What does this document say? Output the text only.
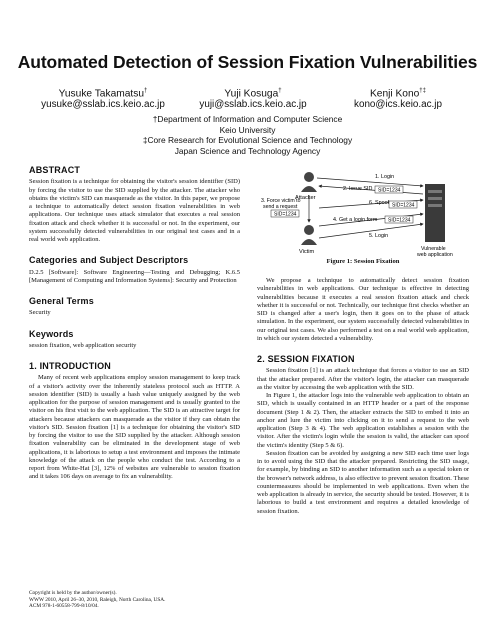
Automated Detection of Session Fixation Vulnerabilities
Yusuke Takamatsu†
yusuke@sslab.ics.keio.ac.jp
Yuji Kosuga†
yuji@sslab.ics.keio.ac.jp
Kenji Kono†‡
kono@ics.keio.ac.jp
†Department of Information and Computer Science
Keio University
‡Core Research for Evolutional Science and Technology
Japan Science and Technology Agency
ABSTRACT

Session fixation is a technique for obtaining the visitor's session identifier (SID) by forcing the visitor to use the SID supplied by the attacker. The attacker who obtains the victim's SID can masquerade as the visitor. In this paper, we propose a technique to automatically detect session fixation vulnerabilities in web applications. Our technique uses attack simulator that executes a real session fixation attack and check whether it is successful or not. In the experiment, our system successfully detected vulnerabilities in our original test cases and in a real world web application.

Categories and Subject Descriptors

D.2.5 [Software]: Software Engineering—Testing and Debugging; K.6.5 [Management of Computing and Information Systems]: Security and Protection

General Terms

Security

Keywords

session fixation, web application security

1. INTRODUCTION

Many of recent web applications employ session management to keep track of a visitor's activity over the inherently stateless protocol such as HTTP. A session identifier (SID) is usually a hash value uniquely assigned by the web application for the purpose of session management and is usually granted to the visitor on his first visit to the web application. The SID is an attractive target for attackers because attackers can masquerade as the visitor if they can obtain the visitor's SID. Session fixation [1] is a technique for obtaining the visitor's SID by forcing the visitor to use the SID supplied by the attacker. Although session fixation vulnerability can be eliminated in the development stage of web applications, it is laborious to setup a test environment and imposes the intimate knowledge of the attack on the people who conduct the test. According to a report from White-Hat [3], 12% of websites are vulnerable to session fixation and it takes 106 days on average to fix an vulnerability.

Copyright is held by the author/owner(s).
WWW 2010, April 26–30, 2010, Raleigh, North Carolina, USA.
ACM 978-1-60558-799-8/10/04.
Attacker
Victim	Vulnerable web application
1. Login
2. Issue SID SID=1234
3. Force victim to send a request
SID=1234
6. Spoof SID=1234
4. Get a login form SID=1234
5. Login
Figure 1: Session Fixation

We propose a technique to automatically detect session fixation vulnerabilities in web applications. Our technique is effective in detecting vulnerabilities because it executes a real session fixation attack and check whether it is successful or not. Technically, our technique first checks whether an SID is changed after a user's login, then it goes on to the phase of attack simulation. In the experiment, our system successfully detected vulnerabilities in our original test cases. We also performed a test on a real world web application, in which our system detected a vulnerability.

2. SESSION FIXATION

Session fixation [1] is an attack technique that forces a visitor to use an SID that the attacker prepared. After the visitor's login, the attacker can masquerade as the visitor by accessing the web application with the SID.

In Figure 1, the attacker logs into the vulnerable web application to obtain an SID, which is usually contained in an HTTP header or a part of the response document (Step 1 & 2). Then, the attacker extracts the SID to embed it into an anchor and lure the victim into clicking on it to send a request to the web application (Step 3 & 4). The web application establishes a session with the visitor. After the victim's login while the session is valid, the attacker can spoof the victim's identity (Step 5 & 6).

Session fixation can be avoided by assigning a new SID each time user logs in to avoid using the SID that the attacker prepared. Restricting the SID usage, for example, by binding an SID to another information such as a special token or the browser's network address, is also effective to prevent session fixation. These countermeasures should be implemented in web applications. Even when the web application is already in service, the security should be tested. However, it is laborious to build a test environment and requires a detailed knowledge of session fixation.
